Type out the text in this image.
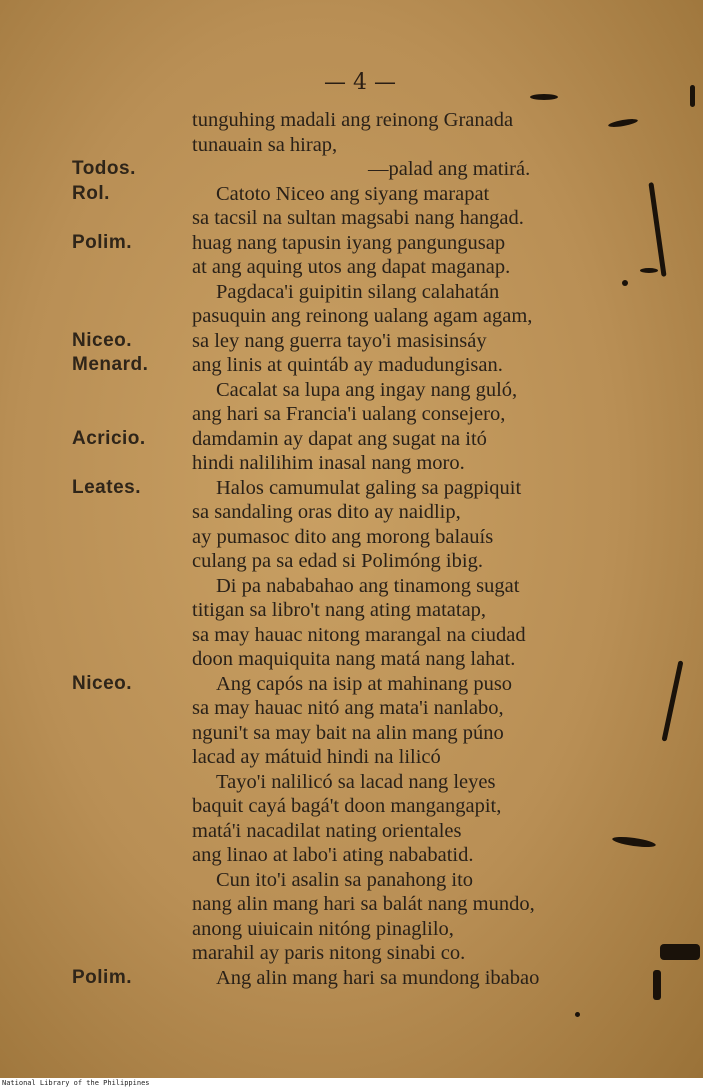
— 4 —
tunguhing madali ang reinong Granada
tunauain sa hirap,
Todos.	—palad ang matirá.
Rol.	Catoto Niceo ang siyang marapat
sa tacsil na sultan magsabi nang hangad.
Polim.	huag nang tapusin iyang pangungusap
at ang aquing utos ang dapat maganap.
Pagdaca'i guipitin silang calahatán
pasuquin ang reinong ualang agam agam,
Niceo.	sa ley nang guerra tayo'i masisinsáy
Menard. ang linis at quintáb ay madudungisan.
Cacalat sa lupa ang ingay nang guló,
ang hari sa Francia'i ualang consejero,
Acricio. damdamin ay dapat ang sugat na itó
hindi nalilihim inasal nang moro.
Leates.	Halos camumulat galing sa pagpiquit
sa sandaling oras dito ay naidlip,
ay pumasoc dito ang morong balauís
culang pa sa edad si Polimóng ibig.
Di pa nababahao ang tinamong sugat
titigan sa libro't nang ating matatap,
sa may hauac nitong marangal na ciudad
doon maquiquita nang matá nang lahat.
Niceo.	Ang capós na isip at mahinang puso
sa may hauac nitó ang mata'i nanlabo,
nguni't sa may bait na alin mang púno
lacad ay mátuid hindi na lilicó
Tayo'i nalilicó sa lacad nang leyes
baquit cayá bagá't doon mangangapit,
matá'i nacadilat nating orientales
ang linao at labo'i ating nababatid.
Cun ito'i asalin sa panahong ito
nang alin mang hari sa balát nang mundo,
anong uiuicain nitóng pinaglilo,
marahil ay paris nitong sinabi co.
Polim.	Ang alin mang hari sa mundong ibabao
National Library of the Philippines
